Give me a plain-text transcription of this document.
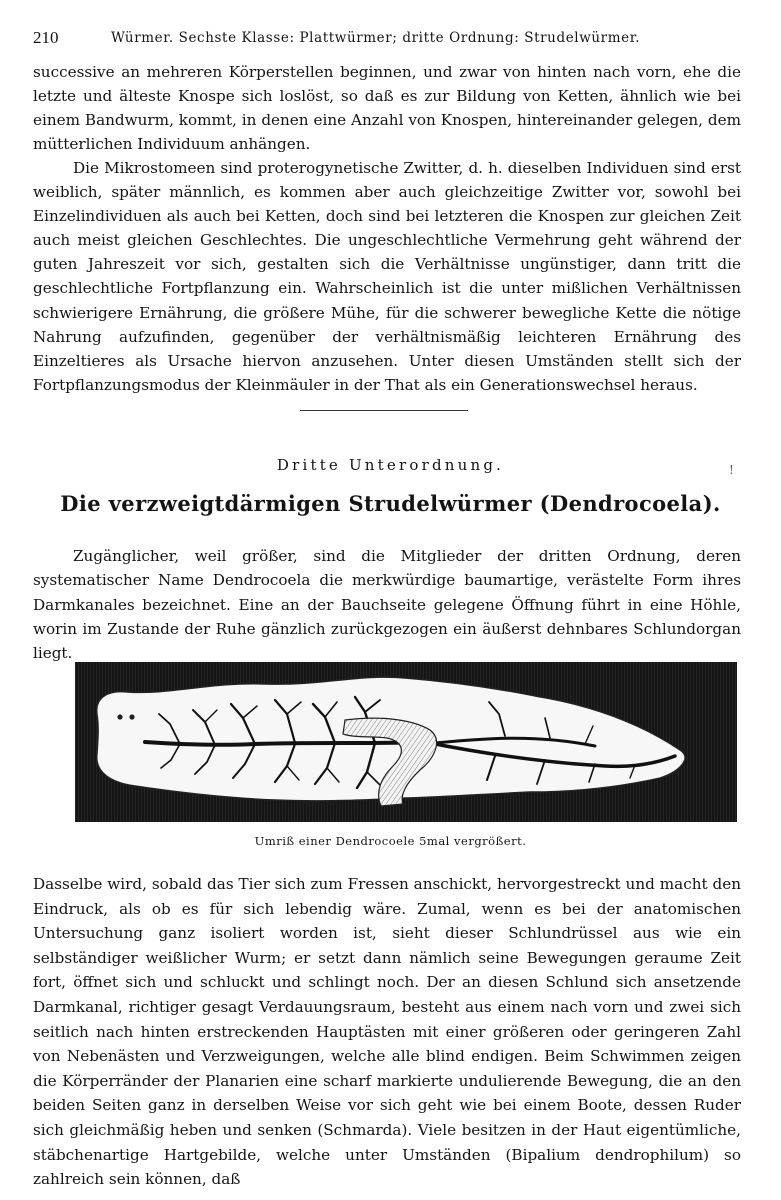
210	Würmer. Sechste Klasse: Plattwürmer; dritte Ordnung: Strudelwürmer.

successive an mehreren Körperstellen beginnen, und zwar von hinten nach vorn, ehe die letzte und älteste Knospe sich loslöst, so daß es zur Bildung von Ketten, ähnlich wie bei einem Bandwurm, kommt, in denen eine Anzahl von Knospen, hintereinander gelegen, dem mütterlichen Individuum anhängen.

Die Mikrostomeen sind proterogynetische Zwitter, d. h. dieselben Individuen sind erst weiblich, später männlich, es kommen aber auch gleichzeitige Zwitter vor, sowohl bei Einzelindividuen als auch bei Ketten, doch sind bei letzteren die Knospen zur gleichen Zeit auch meist gleichen Geschlechtes. Die ungeschlechtliche Vermehrung geht während der guten Jahreszeit vor sich, gestalten sich die Verhältnisse ungünstiger, dann tritt die geschlechtliche Fortpflanzung ein. Wahrscheinlich ist die unter mißlichen Verhältnissen schwierigere Ernährung, die größere Mühe, für die schwerer bewegliche Kette die nötige Nahrung aufzufinden, gegenüber der verhältnismäßig leichteren Ernährung des Einzeltieres als Ursache hiervon anzusehen. Unter diesen Umständen stellt sich der Fortpflanzungsmodus der Kleinmäuler in der That als ein Generationswechsel heraus.

Dritte Unterordnung.	!
Die verzweigtdärmigen Strudelwürmer (Dendrocoela).

Zugänglicher, weil größer, sind die Mitglieder der dritten Ordnung, deren systematischer Name Dendrocoela die merkwürdige baumartige, verästelte Form ihres Darmkanales bezeichnet. Eine an der Bauchseite gelegene Öffnung führt in eine Höhle, worin im Zustande der Ruhe gänzlich zurückgezogen ein äußerst dehnbares Schlundorgan liegt.

Umriß einer Dendrocoele 5mal vergrößert.

Dasselbe wird, sobald das Tier sich zum Fressen anschickt, hervorgestreckt und macht den Eindruck, als ob es für sich lebendig wäre. Zumal, wenn es bei der anatomischen Untersuchung ganz isoliert worden ist, sieht dieser Schlundrüssel aus wie ein selbständiger weißlicher Wurm; er setzt dann nämlich seine Bewegungen geraume Zeit fort, öffnet sich und schluckt und schlingt noch. Der an diesen Schlund sich ansetzende Darmkanal, richtiger gesagt Verdauungsraum, besteht aus einem nach vorn und zwei sich seitlich nach hinten erstreckenden Hauptästen mit einer größeren oder geringeren Zahl von Nebenästen und Verzweigungen, welche alle blind endigen. Beim Schwimmen zeigen die Körperränder der Planarien eine scharf markierte undulierende Bewegung, die an den beiden Seiten ganz in derselben Weise vor sich geht wie bei einem Boote, dessen Ruder sich gleichmäßig heben und senken (Schmarda). Viele besitzen in der Haut eigentümliche, stäbchenartige Hartgebilde, welche unter Umständen (Bipalium dendrophilum) so zahlreich sein können, daß
